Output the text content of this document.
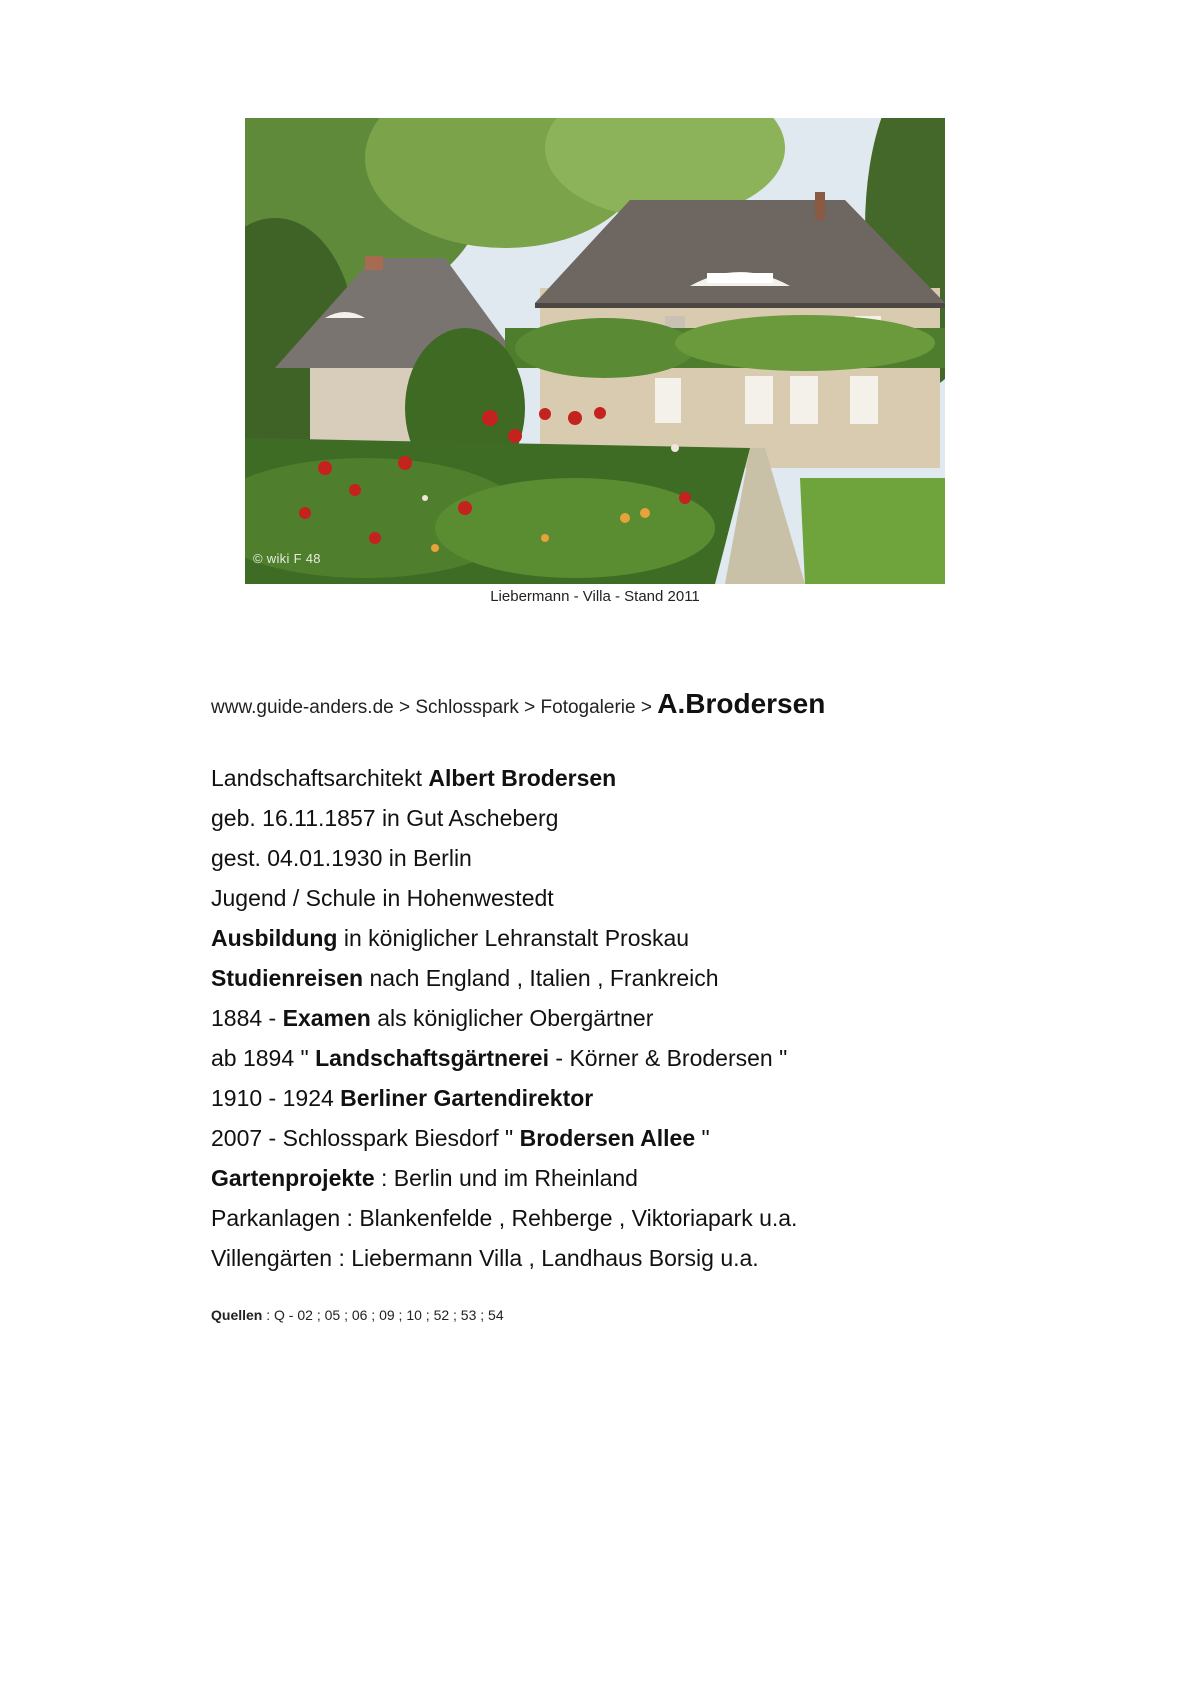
© wiki F 48
Liebermann - Villa - Stand 2011
www.guide-anders.de > Schlosspark > Fotogalerie > A.Brodersen
Landschaftsarchitekt Albert Brodersen
geb. 16.11.1857 in Gut Ascheberg
gest. 04.01.1930 in Berlin
Jugend / Schule in Hohenwestedt
Ausbildung in königlicher Lehranstalt Proskau
Studienreisen nach England , Italien , Frankreich
1884 - Examen als königlicher Obergärtner
ab 1894 " Landschaftsgärtnerei - Körner & Brodersen "
1910 - 1924 Berliner Gartendirektor
2007 - Schlosspark Biesdorf " Brodersen Allee "
Gartenprojekte : Berlin und im Rheinland
Parkanlagen : Blankenfelde , Rehberge , Viktoriapark u.a.
Villengärten : Liebermann Villa , Landhaus Borsig u.a.
Quellen : Q - 02 ; 05 ; 06 ; 09 ; 10 ; 52 ; 53 ; 54
